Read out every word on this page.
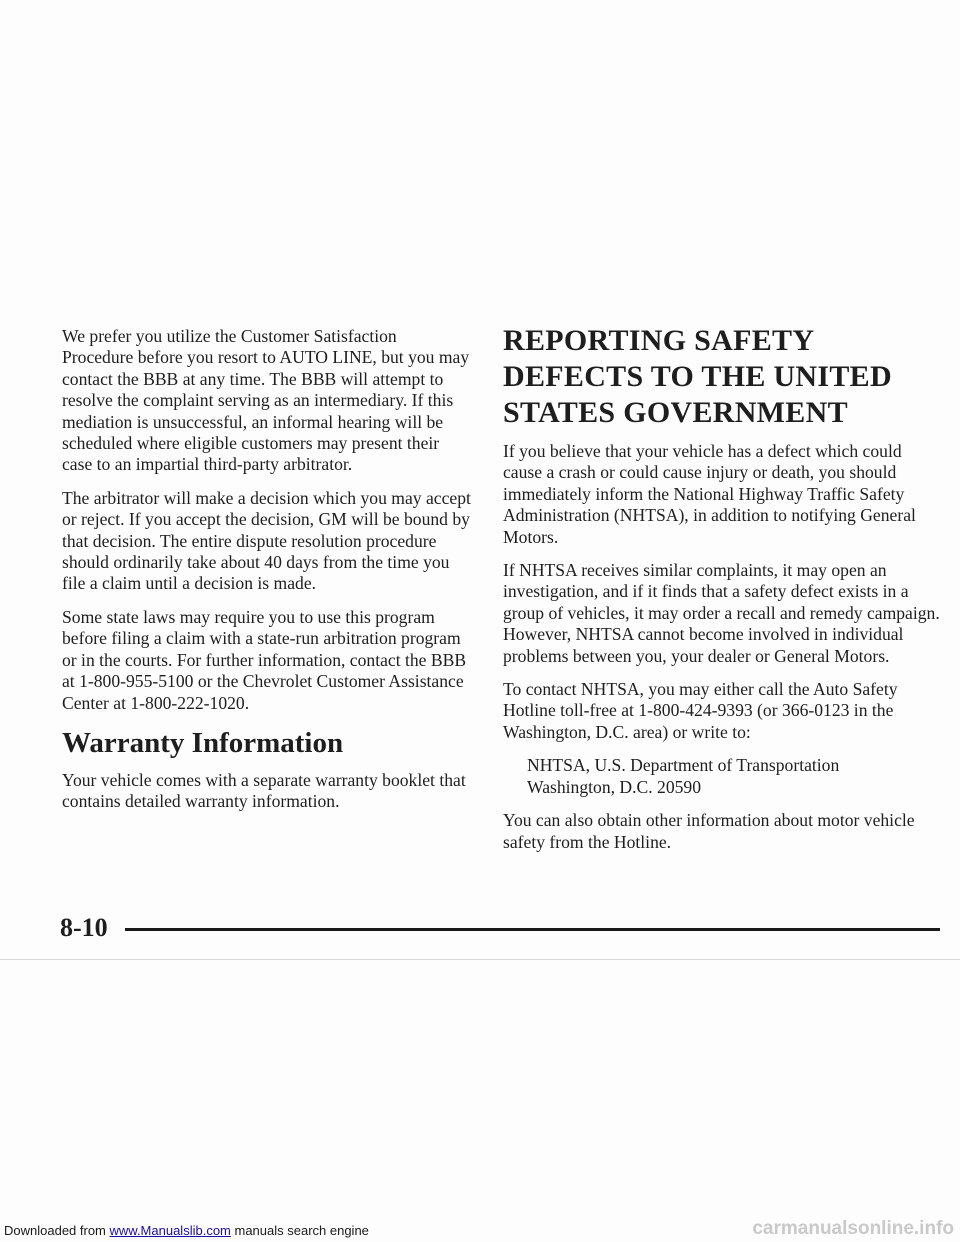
We prefer you utilize the Customer Satisfaction Procedure before you resort to AUTO LINE, but you may contact the BBB at any time. The BBB will attempt to resolve the complaint serving as an intermediary. If this mediation is unsuccessful, an informal hearing will be scheduled where eligible customers may present their case to an impartial third-party arbitrator.

The arbitrator will make a decision which you may accept or reject. If you accept the decision, GM will be bound by that decision. The entire dispute resolution procedure should ordinarily take about 40 days from the time you file a claim until a decision is made.

Some state laws may require you to use this program before filing a claim with a state-run arbitration program or in the courts. For further information, contact the BBB at 1-800-955-5100 or the Chevrolet Customer Assistance Center at 1-800-222-1020.

Warranty Information

Your vehicle comes with a separate warranty booklet that contains detailed warranty information.

REPORTING SAFETY DEFECTS TO THE UNITED STATES GOVERNMENT

If you believe that your vehicle has a defect which could cause a crash or could cause injury or death, you should immediately inform the National Highway Traffic Safety Administration (NHTSA), in addition to notifying General Motors.

If NHTSA receives similar complaints, it may open an investigation, and if it finds that a safety defect exists in a group of vehicles, it may order a recall and remedy campaign. However, NHTSA cannot become involved in individual problems between you, your dealer or General Motors.

To contact NHTSA, you may either call the Auto Safety Hotline toll-free at 1-800-424-9393 (or 366-0123 in the Washington, D.C. area) or write to:

NHTSA, U.S. Department of Transportation
Washington, D.C. 20590

You can also obtain other information about motor vehicle safety from the Hotline.

8-10
Downloaded from www.Manualslib.com manuals search engine	carmanualsonline.info
